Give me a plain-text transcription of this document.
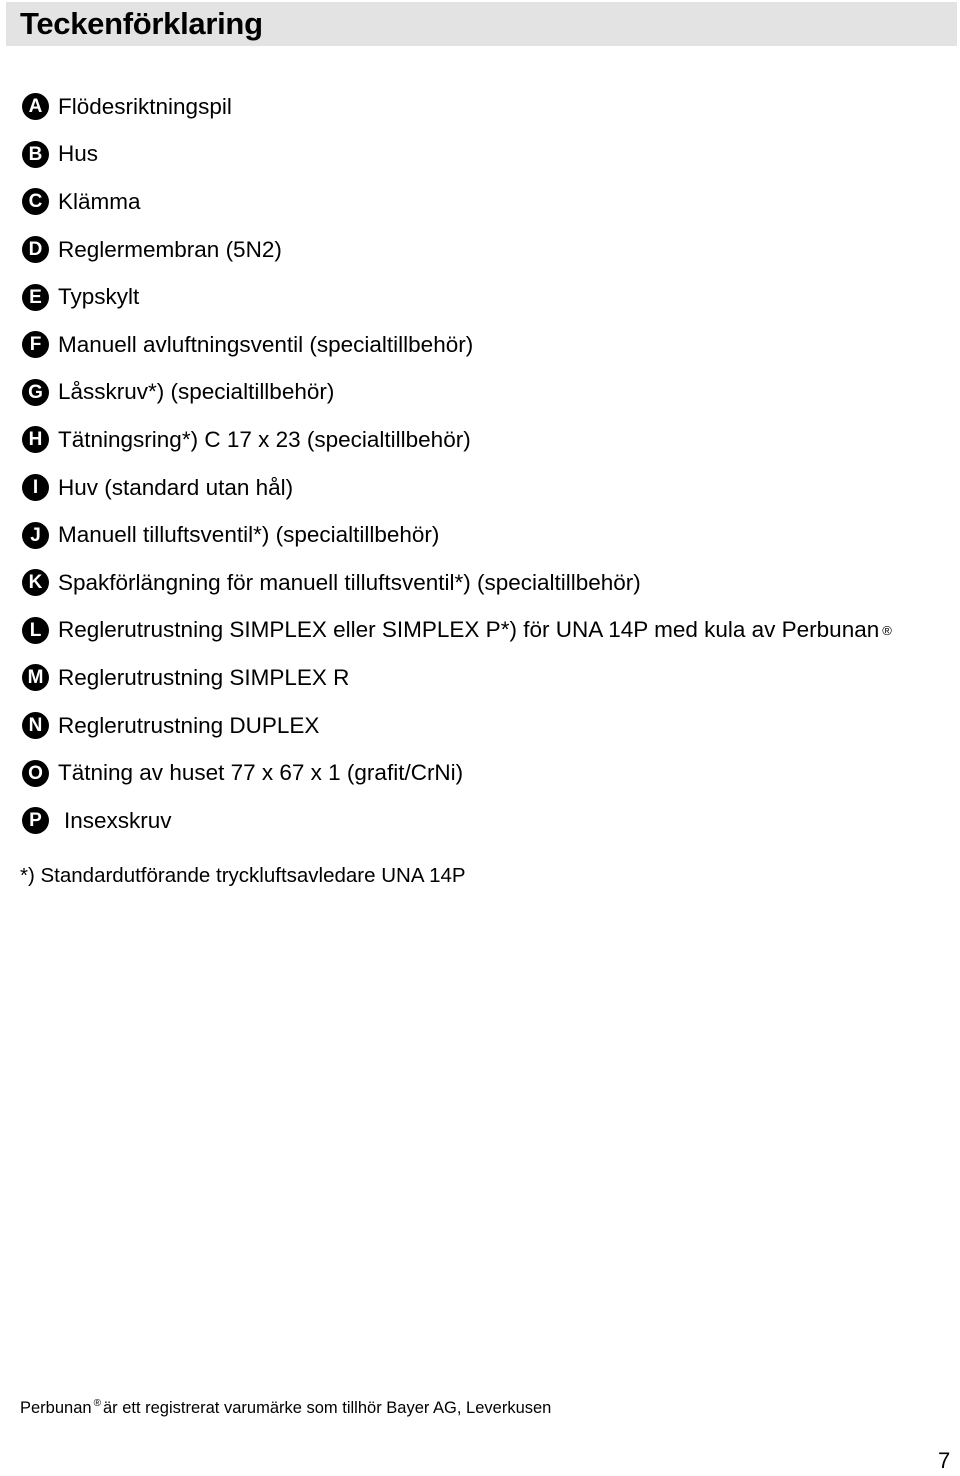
Teckenförklaring
A Flödesriktningspil
B Hus
C Klämma
D Reglermembran (5N2)
E Typskylt
F Manuell avluftningsventil (specialtillbehör)
G Låsskruv*) (specialtillbehör)
H Tätningsring*) C 17 x 23 (specialtillbehör)
I Huv (standard utan hål)
J Manuell tilluftsventil*) (specialtillbehör)
K Spakförlängning för manuell tilluftsventil*) (specialtillbehör)
L Reglerutrustning SIMPLEX eller SIMPLEX P*) för UNA 14P med kula av Perbunan ®
M Reglerutrustning SIMPLEX R
N Reglerutrustning DUPLEX
O Tätning av huset 77 x 67 x 1 (grafit/CrNi)
P Insexskruv

*) Standardutförande tryckluftsavledare UNA 14P

Perbunan ® är ett registrerat varumärke som tillhör Bayer AG, Leverkusen

7
